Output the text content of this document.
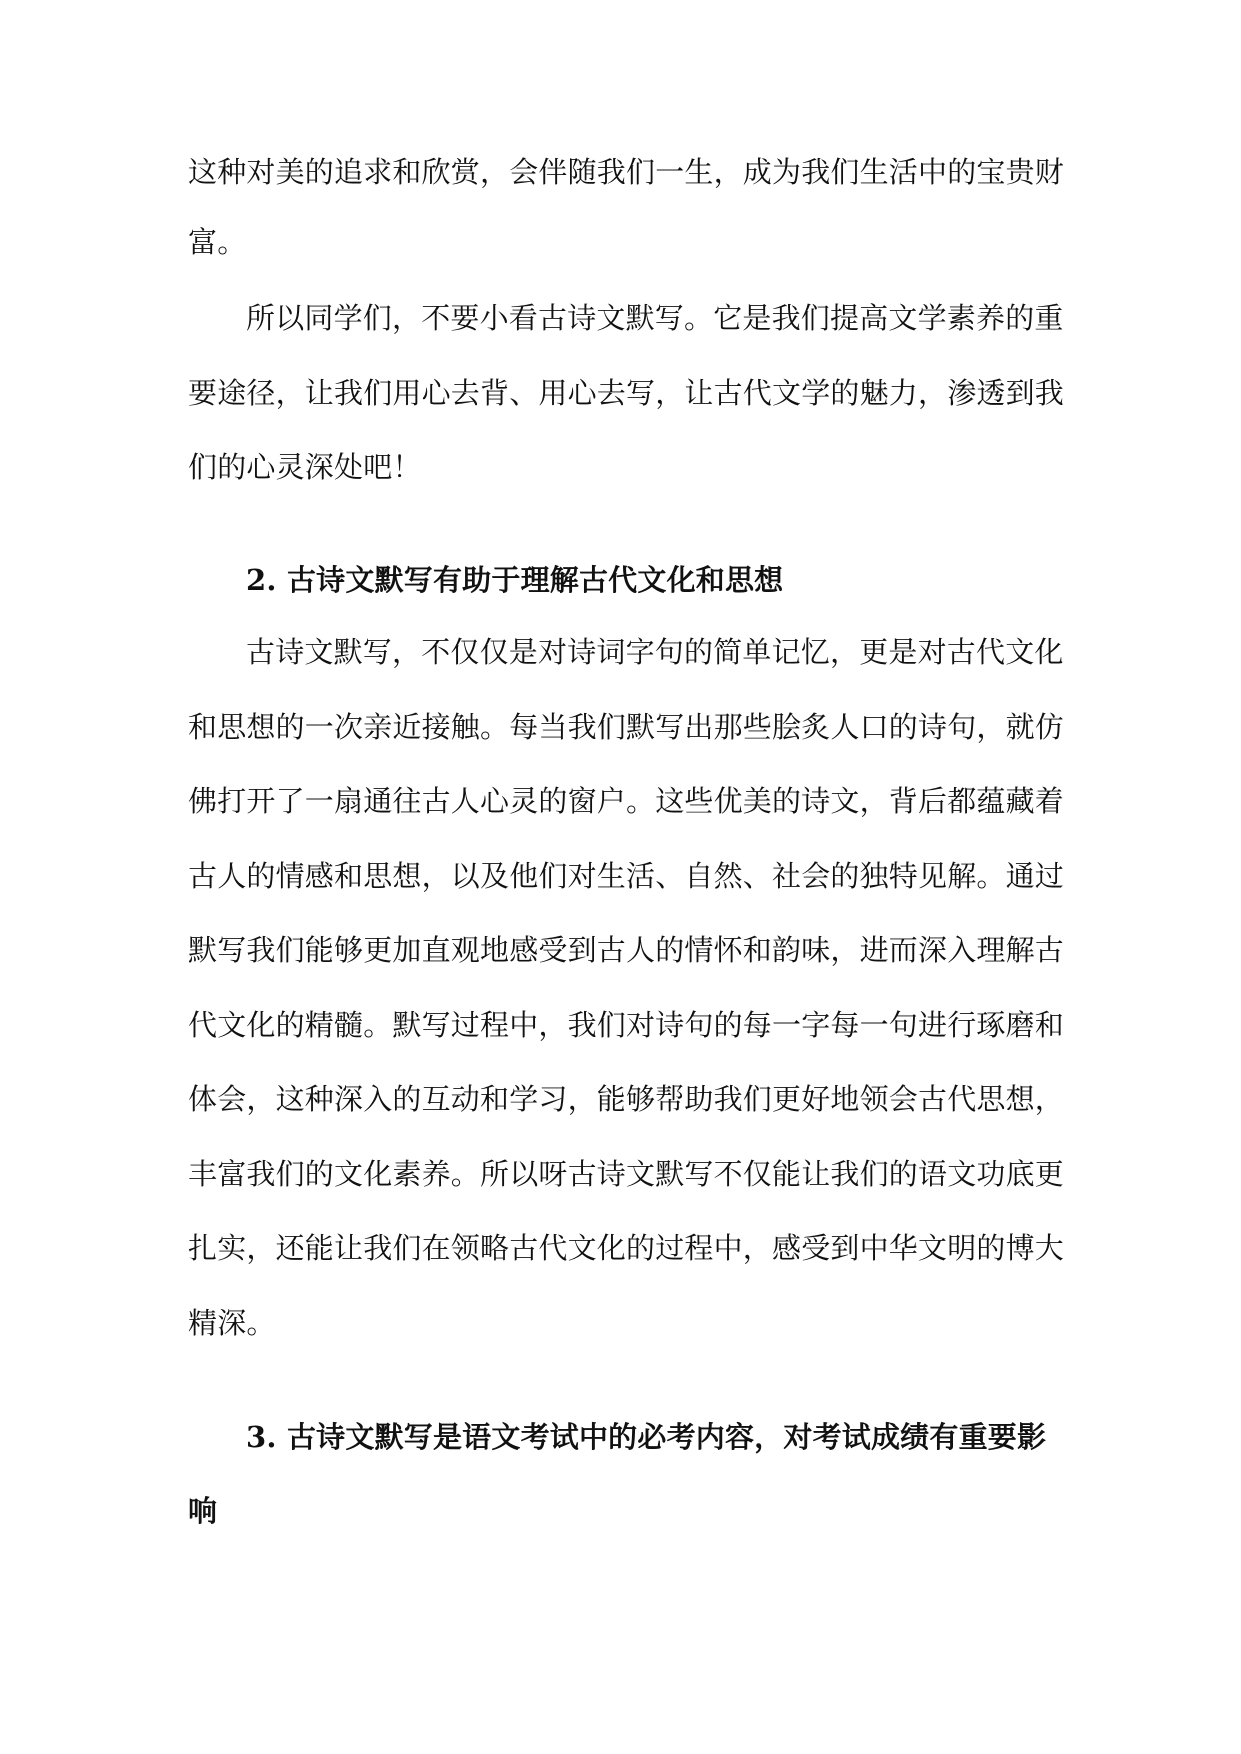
这种对美的追求和欣赏，会伴随我们一生，成为我们生活中的宝贵财
富。
所以同学们，不要小看古诗文默写。它是我们提高文学素养的重
要途径，让我们用心去背、用心去写，让古代文学的魅力，渗透到我
们的心灵深处吧！
2. 古诗文默写有助于理解古代文化和思想
古诗文默写，不仅仅是对诗词字句的简单记忆，更是对古代文化
和思想的一次亲近接触。每当我们默写出那些脍炙人口的诗句，就仿
佛打开了一扇通往古人心灵的窗户。这些优美的诗文，背后都蕴藏着
古人的情感和思想，以及他们对生活、自然、社会的独特见解。通过
默写我们能够更加直观地感受到古人的情怀和韵味，进而深入理解古
代文化的精髓。默写过程中，我们对诗句的每一字每一句进行琢磨和
体会，这种深入的互动和学习，能够帮助我们更好地领会古代思想，
丰富我们的文化素养。所以呀古诗文默写不仅能让我们的语文功底更
扎实，还能让我们在领略古代文化的过程中，感受到中华文明的博大
精深。
3. 古诗文默写是语文考试中的必考内容，对考试成绩有重要影
响
